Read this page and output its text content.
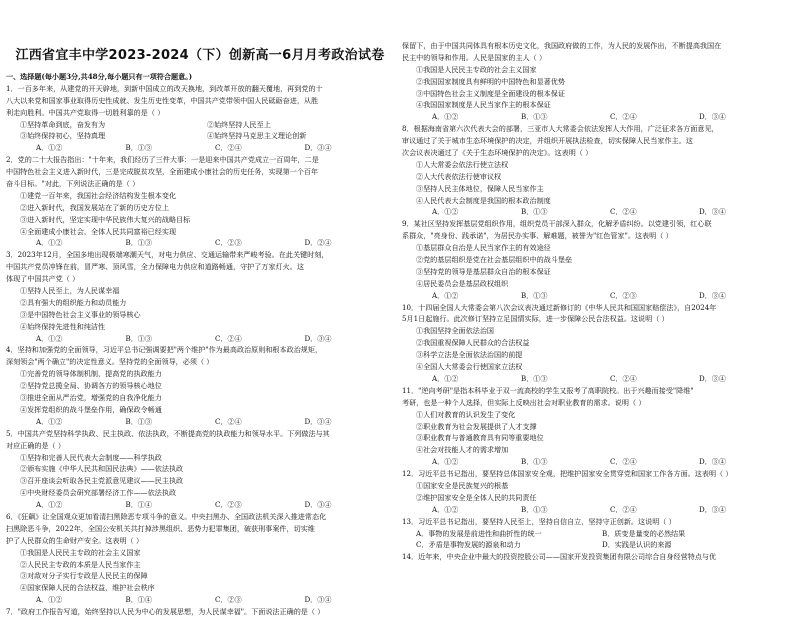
江西省宜丰中学2023-2024（下）创新高一6月月考政治试卷
一、选择题(每小题3分,共48分,每小题只有一项符合题意。)
1．一百多年来，从建党的开天辟地，到新中国成立的改天换地，到改革开放的翻天覆地，再到党的十
八大以来党和国家事业取得历史性成就、发生历史性变革，中国共产党带领中国人民砥砺奋进，从胜
利走向胜利。中国共产党取得一切胜利靠的是（ ）
①坚持革命到底，奋发有为	②始终坚持人民至上
③始终保持初心，坚持真理	④始终坚持马克思主义理论创新
A．①②	B．①③	C．②④	D．③④
2．党的二十大报告指出："十年来，我们经历了三件大事：一是迎来中国共产党成立一百周年，二是
中国特色社会主义进入新时代，三是完成脱贫攻坚，全面建成小康社会的历史任务，实现第一个百年
奋斗目标。"对此，下列说法正确的是（ ）
①建党一百年来，我国社会经济结构发生根本变化
②进入新时代，我国发展站在了新的历史方位上
③进入新时代，坚定实现中华民族伟大复兴的战略目标
④全面建成小康社会，全体人民共同富裕已经实现
A．①②	B．①③	C．②③	D．②④
3．2023年12月，全国多地出现极端寒潮天气，对电力供应、交通运输带来严峻考验。在此关键时刻，
中国共产党员冲锋在前，冒严寒、顶风雪，全力保障电力供应和道路畅通，守护了万家灯火。这
体现了中国共产党（ ）
①坚持人民至上，为人民谋幸福
②具有强大的组织能力和动员能力
③是中国特色社会主义事业的领导核心
④始终保持先进性和纯洁性
A．①②	B．①③	C．②④	D．③④
4．坚持和加强党的全面领导，习近平总书记强调要把"两个维护"作为最高政治原则和根本政治规矩，
深刻领会"两个确立"的决定性意义。坚持党的全面领导，必须（ ）
①完善党的领导体制机制，提高党的执政能力
②坚持党总揽全局、协调各方的领导核心地位
③推进全面从严治党，增强党的自我净化能力
④发挥党组织的战斗堡垒作用，确保政令畅通
A．①②	B．①③	C．②④	D．③④
5．中国共产党坚持科学执政、民主执政、依法执政，不断提高党的执政能力和领导水平。下列做法与其
对应正确的是（ ）
①坚持和完善人民代表大会制度——科学执政
②颁布实施《中华人民共和国民法典》——依法执政
③召开座谈会听取各民主党派意见建议——民主执政
④中央财经委员会研究部署经济工作——依法执政
A．①②	B．①④	C．②③	D．③④
6．《狂飙》让全国观众更加看清扫黑除恶专项斗争的意义。中央扫黑办、全国政法机关深入推进常态化
扫黑除恶斗争，2022年，全国公安机关共打掉涉黑组织、恶势力犯罪集团，破获刑事案件，切实维
护了人民群众的生命财产安全。这表明（ ）
①我国是人民民主专政的社会主义国家
②人民民主专政的本质是人民当家作主
③对敌对分子实行专政是人民民主的保障
④国家保障人民的合法权益，维护社会秩序
A．①②	B．①④	C．②③	D．③④
7．"政府工作报告写道，始终坚持以人民为中心的发展思想，为人民谋幸福"。下面说法正确的是（ ）
保留下，由于中国共同体具有根本历史文化，我国政府做的工作，为人民的发展作出，不断提高我国在
民主中的领导和作用。人民是国家的主人（ ）
①我国是人民民主专政的社会主义国家
②我国国家制度具有鲜明的中国特色和显著优势
③中国特色社会主义制度是全面建设的根本保证
④我国国家制度是人民当家作主的根本保证
A．①②	B．①③	C．②④	D．③④
8．根据海南省第六次代表大会的部署，三亚市人大常委会依法发挥人大作用，广泛征求各方面意见，
审议通过了关于城市生态环境保护的决定，并组织开展执法检查，切实保障人民当家作主。这
次会议表决通过了《关于生态环境保护的决定》。这表明（ ）
①人大常委会依法行使立法权
②人大代表依法行使审议权
③坚持人民主体地位，保障人民当家作主
④人民代表大会制度是我国的根本政治制度
A．①②	B．①③	C．②④	D．③④
9．某社区坚持发挥基层党组织作用，组织党员干部深入群众，化解矛盾纠纷。以党建引领，红心联
系群众，"亮身份、践承诺"，为居民办实事、解难题，被誉为"红色管家"。这表明（ ）
①基层群众自治是人民当家作主的有效途径
②党的基层组织是党在社会基层组织中的战斗堡垒
③坚持党的领导是基层群众自治的根本保证
④居民委员会是基层政权组织
A．①②	B．①③	C．②③	D．③④
10．十四届全国人大常委会第八次会议表决通过新修订的《中华人民共和国国家赔偿法》，自2024年
5月1日起施行。此次修订坚持立足国情实际，进一步保障公民合法权益。这说明（ ）
①我国坚持全面依法治国
②我国重视保障人民群众的合法权益
③科学立法是全面依法治国的前提
④全国人大常委会行使国家立法权
A．①②	B．①③	C．②④	D．③④
11．"逆向考研"是指本科毕业于双一流高校的学生又报考了高职院校。出于兴趣而接受"降维"
考研，也是一种个人选择，但实际上反映出社会对职业教育的需求。说明（ ）
①人们对教育的认识发生了变化
②职业教育为社会发展提供了人才支撑
③职业教育与普通教育具有同等重要地位
④社会对技能人才的需求增加
A．①②	B．①③	C．②④	D．③④
12．习近平总书记指出，要坚持总体国家安全观，把维护国家安全贯穿党和国家工作各方面。这表明（ ）
①国家安全是民族复兴的根基
②维护国家安全是全体人民的共同责任
A．①②	B．①③	C．②④	D．③④
13．习近平总书记指出，要坚持人民至上，坚持自信自立，坚持守正创新。这说明（ ）
A．事物的发展是前进性和曲折性的统一	B．质变是量变的必然结果
C．矛盾是事物发展的源泉和动力	D．实践是认识的来源
14．近年来，中央企业中最大的投资控股公司——国家开发投资集团有限公司综合自身经营特点与优
